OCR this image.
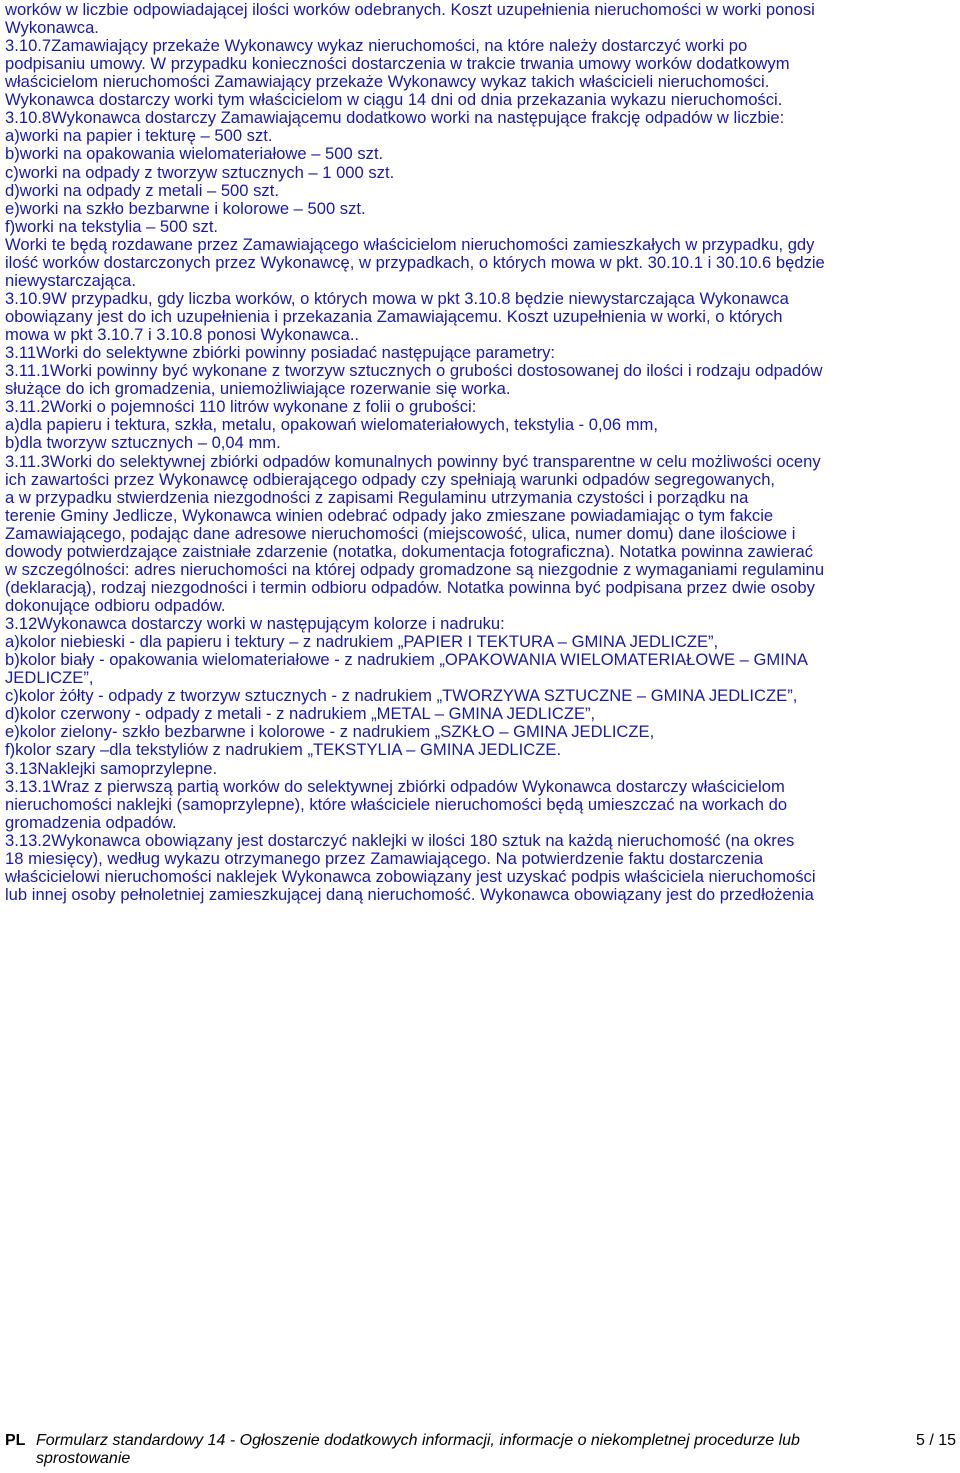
worków w liczbie odpowiadającej ilości worków odebranych. Koszt uzupełnienia nieruchomości w worki ponosi
Wykonawca.
3.10.7Zamawiający przekaże Wykonawcy wykaz nieruchomości, na które należy dostarczyć worki po
podpisaniu umowy. W przypadku konieczności dostarczenia w trakcie trwania umowy worków dodatkowym
właścicielom nieruchomości Zamawiający przekaże Wykonawcy wykaz takich właścicieli nieruchomości.
Wykonawca dostarczy worki tym właścicielom w ciągu 14 dni od dnia przekazania wykazu nieruchomości.
3.10.8Wykonawca dostarczy Zamawiającemu dodatkowo worki na następujące frakcję odpadów w liczbie:
a)worki na papier i tekturę – 500 szt.
b)worki na opakowania wielomateriałowe – 500 szt.
c)worki na odpady z tworzyw sztucznych – 1 000 szt.
d)worki na odpady z metali – 500 szt.
e)worki na szkło bezbarwne i kolorowe – 500 szt.
f)worki na tekstylia – 500 szt.
Worki te będą rozdawane przez Zamawiającego właścicielom nieruchomości zamieszkałych w przypadku, gdy
ilość worków dostarczonych przez Wykonawcę, w przypadkach, o których mowa w pkt. 30.10.1 i 30.10.6 będzie
niewystarczająca.
3.10.9W przypadku, gdy liczba worków, o których mowa w pkt 3.10.8 będzie niewystarczająca Wykonawca
obowiązany jest do ich uzupełnienia i przekazania Zamawiającemu. Koszt uzupełnienia w worki, o których
mowa w pkt 3.10.7 i 3.10.8 ponosi Wykonawca..
3.11Worki do selektywne zbiórki powinny posiadać następujące parametry:
3.11.1Worki powinny być wykonane z tworzyw sztucznych o grubości dostosowanej do ilości i rodzaju odpadów
służące do ich gromadzenia, uniemożliwiające rozerwanie się worka.
3.11.2Worki o pojemności 110 litrów wykonane z folii o grubości:
a)dla papieru i tektura, szkła, metalu, opakowań wielomateriałowych, tekstylia - 0,06 mm,
b)dla tworzyw sztucznych – 0,04 mm.
3.11.3Worki do selektywnej zbiórki odpadów komunalnych powinny być transparentne w celu możliwości oceny
ich zawartości przez Wykonawcę odbierającego odpady czy spełniają warunki odpadów segregowanych,
a w przypadku stwierdzenia niezgodności z zapisami Regulaminu utrzymania czystości i porządku na
terenie Gminy Jedlicze, Wykonawca winien odebrać odpady jako zmieszane powiadamiając o tym fakcie
Zamawiającego, podając dane adresowe nieruchomości (miejscowość, ulica, numer domu) dane ilościowe i
dowody potwierdzające zaistniałe zdarzenie (notatka, dokumentacja fotograficzna). Notatka powinna zawierać
w szczególności: adres nieruchomości na której odpady gromadzone są niezgodnie z wymaganiami regulaminu
(deklaracją), rodzaj niezgodności i termin odbioru odpadów. Notatka powinna być podpisana przez dwie osoby
dokonujące odbioru odpadów.
3.12Wykonawca dostarczy worki w następującym kolorze i nadruku:
a)kolor niebieski - dla papieru i tektury – z nadrukiem „PAPIER I TEKTURA – GMINA JEDLICZE”,
b)kolor biały - opakowania wielomateriałowe - z nadrukiem „OPAKOWANIA WIELOMATERIAŁOWE – GMINA
JEDLICZE”,
c)kolor żółty - odpady z tworzyw sztucznych - z nadrukiem „TWORZYWA SZTUCZNE – GMINA JEDLICZE”,
d)kolor czerwony - odpady z metali - z nadrukiem „METAL – GMINA JEDLICZE”,
e)kolor zielony- szkło bezbarwne i kolorowe - z nadrukiem „SZKŁO – GMINA JEDLICZE,
f)kolor szary –dla tekstyliów z nadrukiem „TEKSTYLIA – GMINA JEDLICZE.
3.13Naklejki samoprzylepne.
3.13.1Wraz z pierwszą partią worków do selektywnej zbiórki odpadów Wykonawca dostarczy właścicielom
nieruchomości naklejki (samoprzylepne), które właściciele nieruchomości będą umieszczać na workach do
gromadzenia odpadów.
3.13.2Wykonawca obowiązany jest dostarczyć naklejki w ilości 180 sztuk na każdą nieruchomość (na okres
18 miesięcy), według wykazu otrzymanego przez Zamawiającego. Na potwierdzenie faktu dostarczenia
właścicielowi nieruchomości naklejek Wykonawca zobowiązany jest uzyskać podpis właściciela nieruchomości
lub innej osoby pełnoletniej zamieszkującej daną nieruchomość. Wykonawca obowiązany jest do przedłożenia
PL Formularz standardowy 14 - Ogłoszenie dodatkowych informacji, informacje o niekompletnej procedurze lub sprostowanie
5 / 15
